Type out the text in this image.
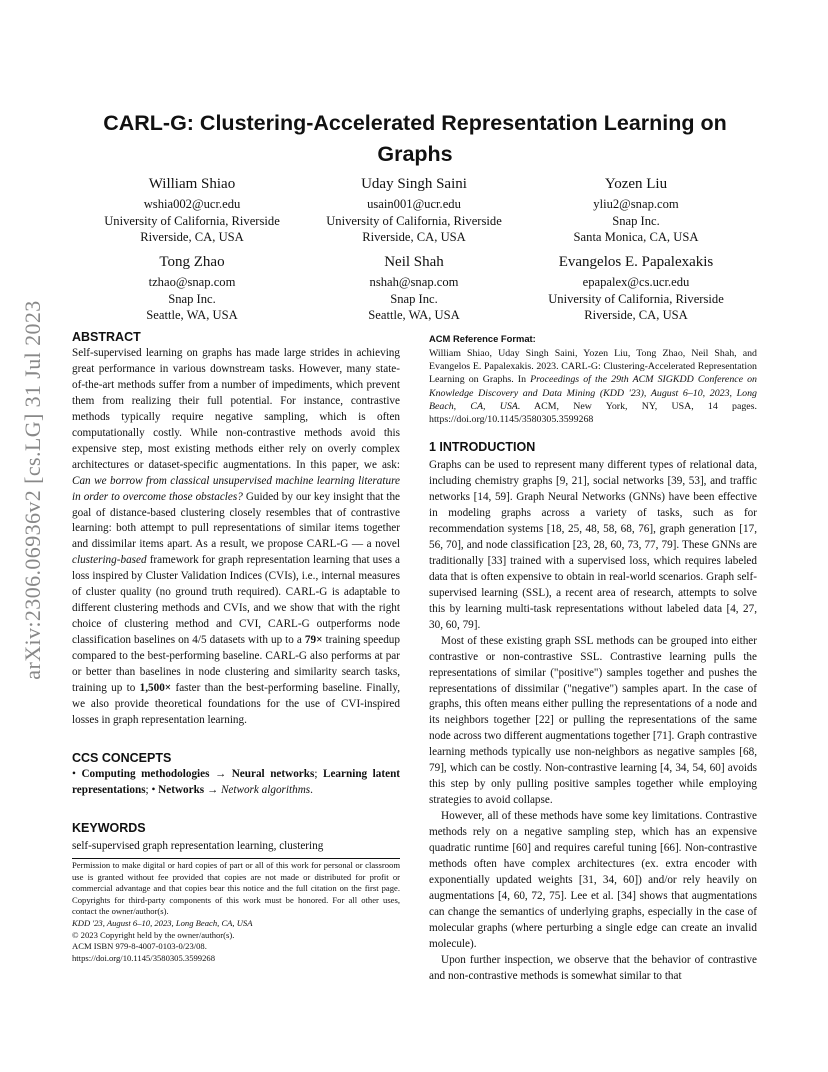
arXiv:2306.06936v2 [cs.LG] 31 Jul 2023
CARL-G: Clustering-Accelerated Representation Learning on Graphs
William Shiao
wshia002@ucr.edu
University of California, Riverside
Riverside, CA, USA
Uday Singh Saini
usain001@ucr.edu
University of California, Riverside
Riverside, CA, USA
Yozen Liu
yliu2@snap.com
Snap Inc.
Santa Monica, CA, USA
Tong Zhao
tzhao@snap.com
Snap Inc.
Seattle, WA, USA
Neil Shah
nshah@snap.com
Snap Inc.
Seattle, WA, USA
Evangelos E. Papalexakis
epapalex@cs.ucr.edu
University of California, Riverside
Riverside, CA, USA
ABSTRACT

Self-supervised learning on graphs has made large strides in achieving great performance in various downstream tasks. However, many state-of-the-art methods suffer from a number of impediments, which prevent them from realizing their full potential. For instance, contrastive methods typically require negative sampling, which is often computationally costly. While non-contrastive methods avoid this expensive step, most existing methods either rely on overly complex architectures or dataset-specific augmentations. In this paper, we ask: Can we borrow from classical unsupervised machine learning literature in order to overcome those obstacles? Guided by our key insight that the goal of distance-based clustering closely resembles that of contrastive learning: both attempt to pull representations of similar items together and dissimilar items apart. As a result, we propose CARL-G — a novel clustering-based framework for graph representation learning that uses a loss inspired by Cluster Validation Indices (CVIs), i.e., internal measures of cluster quality (no ground truth required). CARL-G is adaptable to different clustering methods and CVIs, and we show that with the right choice of clustering method and CVI, CARL-G outperforms node classification baselines on 4/5 datasets with up to a 79× training speedup compared to the best-performing baseline. CARL-G also performs at par or better than baselines in node clustering and similarity search tasks, training up to 1,500× faster than the best-performing baseline. Finally, we also provide theoretical foundations for the use of CVI-inspired losses in graph representation learning.

CCS CONCEPTS

• Computing methodologies → Neural networks; Learning latent representations; • Networks → Network algorithms.

KEYWORDS

self-supervised graph representation learning, clustering

Permission to make digital or hard copies of part or all of this work for personal or classroom use is granted without fee provided that copies are not made or distributed for profit or commercial advantage and that copies bear this notice and the full citation on the first page. Copyrights for third-party components of this work must be honored. For all other uses, contact the owner/author(s).
KDD '23, August 6–10, 2023, Long Beach, CA, USA
© 2023 Copyright held by the owner/author(s).
ACM ISBN 979-8-4007-0103-0/23/08.
https://doi.org/10.1145/3580305.3599268
ACM Reference Format:

William Shiao, Uday Singh Saini, Yozen Liu, Tong Zhao, Neil Shah, and Evangelos E. Papalexakis. 2023. CARL-G: Clustering-Accelerated Representation Learning on Graphs. In Proceedings of the 29th ACM SIGKDD Conference on Knowledge Discovery and Data Mining (KDD '23), August 6–10, 2023, Long Beach, CA, USA. ACM, New York, NY, USA, 14 pages. https://doi.org/10.1145/3580305.3599268

1 INTRODUCTION

Graphs can be used to represent many different types of relational data, including chemistry graphs [9, 21], social networks [39, 53], and traffic networks [14, 59]. Graph Neural Networks (GNNs) have been effective in modeling graphs across a variety of tasks, such as for recommendation systems [18, 25, 48, 58, 68, 76], graph generation [17, 56, 70], and node classification [23, 28, 60, 73, 77, 79]. These GNNs are traditionally [33] trained with a supervised loss, which requires labeled data that is often expensive to obtain in real-world scenarios. Graph self-supervised learning (SSL), a recent area of research, attempts to solve this by learning multi-task representations without labeled data [4, 27, 30, 60, 79].

Most of these existing graph SSL methods can be grouped into either contrastive or non-contrastive SSL. Contrastive learning pulls the representations of similar ("positive") samples together and pushes the representations of dissimilar ("negative") samples apart. In the case of graphs, this often means either pulling the representations of a node and its neighbors together [22] or pulling the representations of the same node across two different augmentations together [71]. Graph contrastive learning methods typically use non-neighbors as negative samples [68, 79], which can be costly. Non-contrastive learning [4, 34, 54, 60] avoids this step by only pulling positive samples together while employing strategies to avoid collapse.

However, all of these methods have some key limitations. Contrastive methods rely on a negative sampling step, which has an expensive quadratic runtime [60] and requires careful tuning [66]. Non-contrastive methods often have complex architectures (ex. extra encoder with exponentially updated weights [31, 34, 60]) and/or rely heavily on augmentations [4, 60, 72, 75]. Lee et al. [34] shows that augmentations can change the semantics of underlying graphs, especially in the case of molecular graphs (where perturbing a single edge can create an invalid molecule).

Upon further inspection, we observe that the behavior of contrastive and non-contrastive methods is somewhat similar to that
